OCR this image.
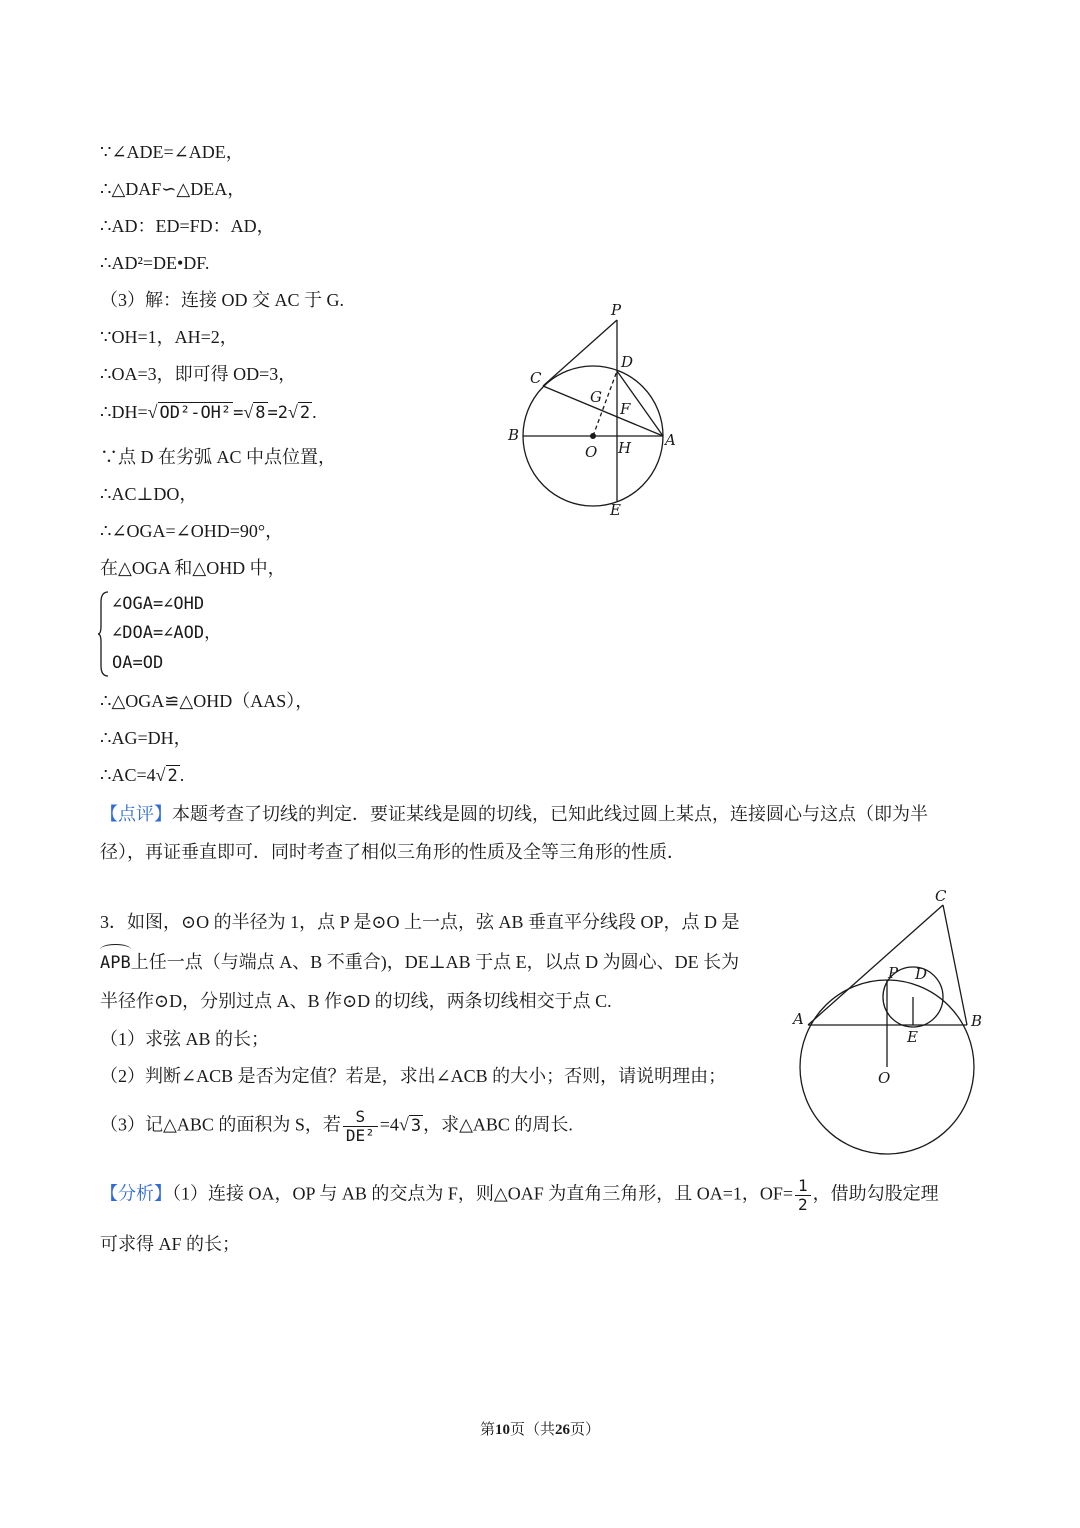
∵∠ADE=∠ADE，
∴△DAF∽△DEA，
∴AD：ED=FD：AD，
∴AD²=DE•DF.
（3）解：连接 OD 交 AC 于 G.
∵OH=1，AH=2，
∴OA=3，即可得 OD=3，
∴DH=√ OD²-OH² =√ 8 =2√ 2 .
∵点 D 在劣弧 AC 中点位置，
∴AC⊥DO，
∴∠OGA=∠OHD=90°，
在△OGA 和△OHD 中，
∠OGA=∠OHD
∠DOA=∠AOD，
OA=OD
∴△OGA≌△OHD（AAS），
∴AG=DH，
∴AC=4√ 2 .
【点评】本题考查了切线的判定．要证某线是圆的切线，已知此线过圆上某点，连接圆心与这点（即为半
径），再证垂直即可．同时考查了相似三角形的性质及全等三角形的性质．
3．如图，⊙O 的半径为 1，点 P 是⊙O 上一点，弦 AB 垂直平分线段 OP，点 D 是
APB上任一点（与端点 A、B 不重合)，DE⊥AB 于点 E，以点 D 为圆心、DE 长为
半径作⊙D，分别过点 A、B 作⊙D 的切线，两条切线相交于点 C.
（1）求弦 AB 的长；
（2）判断∠ACB 是否为定值？若是，求出∠ACB 的大小；否则，请说明理由；
（3）记△ABC 的面积为 S，若 $\frac{S}{\text{DE²}} =4√$ 3 ，求△ABC 的周长.
【分析】（1）连接 OA，OP 与 AB 的交点为 F，则△OAF 为直角三角形，且 OA=1，$OF= \frac{1}{2}$ ，借助勾股定理
可求得 AF 的长；
P
C
D
G
F
B
O H A
E
C
P D
A
E
B
O
第10页（共26页）
